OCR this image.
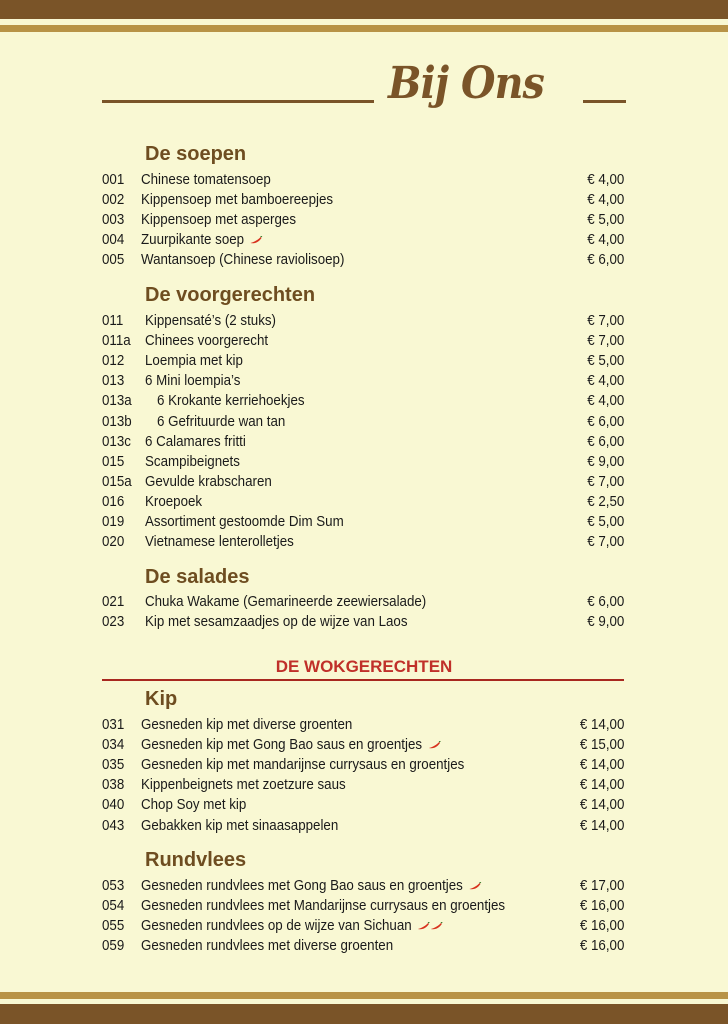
Bij Ons
DE WOKGERECHTEN
De soepen
001 Chinese tomatensoep	€ 4,00
002 Kippensoep met bamboereepjes	€ 4,00
003 Kippensoep met asperges	€ 5,00
004 Zuurpikante soep	€ 4,00
005 Wantansoep (Chinese raviolisoep)	€ 6,00
De voorgerechten
011 Kippensaté’s (2 stuks)	€ 7,00
011a Chinees voorgerecht	€ 7,00
012 Loempia met kip	€ 5,00
013 6 Mini loempia’s	€ 4,00
013a 6 Krokante kerriehoekjes	€ 4,00
013b 6 Gefrituurde wan tan	€ 6,00
013c 6 Calamares fritti	€ 6,00
015 Scampibeignets	€ 9,00
015a Gevulde krabscharen	€ 7,00
016 Kroepoek	€ 2,50
019 Assortiment gestoomde Dim Sum	€ 5,00
020 Vietnamese lenterolletjes	€ 7,00
De salades
021 Chuka Wakame (Gemarineerde zeewiersalade)	€ 6,00
023 Kip met sesamzaadjes op de wijze van Laos	€ 9,00
Kip
031 Gesneden kip met diverse groenten	€ 14,00
034 Gesneden kip met Gong Bao saus en groentjes	€ 15,00
035 Gesneden kip met mandarijnse currysaus en groentjes	€ 14,00
038 Kippenbeignets met zoetzure saus	€ 14,00
040 Chop Soy met kip	€ 14,00
043 Gebakken kip met sinaasappelen	€ 14,00
Rundvlees
053 Gesneden rundvlees met Gong Bao saus en groentjes	€ 17,00
054 Gesneden rundvlees met Mandarijnse currysaus en groentjes	€ 16,00
055 Gesneden rundvlees op de wijze van Sichuan	€ 16,00
059 Gesneden rundvlees met diverse groenten	€ 16,00
